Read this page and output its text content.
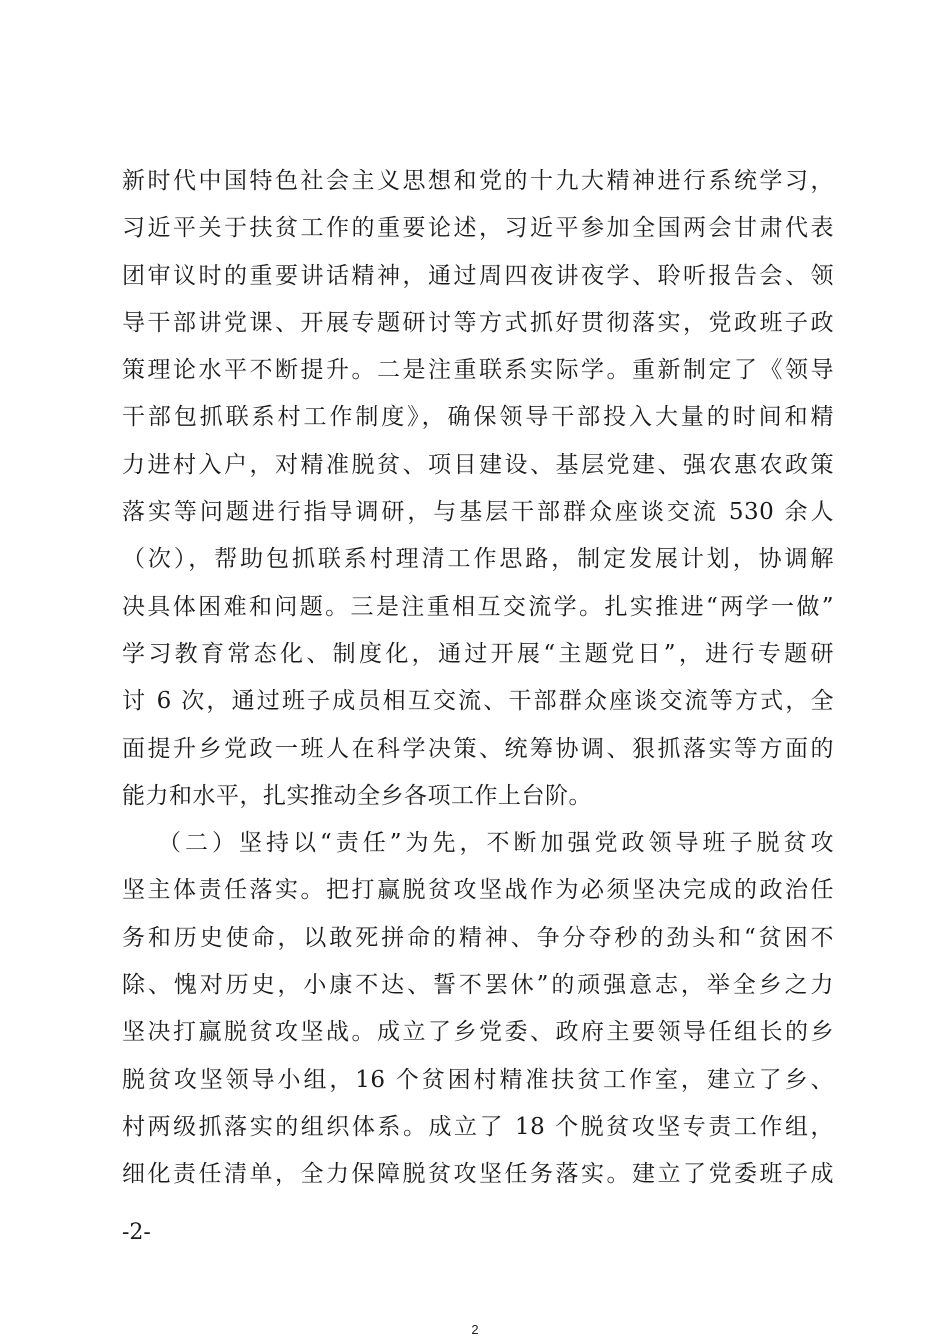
新时代中国特色社会主义思想和党的十九大精神进行系统学习，
习近平关于扶贫工作的重要论述，习近平参加全国两会甘肃代表
团审议时的重要讲话精神，通过周四夜讲夜学、聆听报告会、领
导干部讲党课、开展专题研讨等方式抓好贯彻落实，党政班子政
策理论水平不断提升。二是注重联系实际学。重新制定了《领导
干部包抓联系村工作制度》，确保领导干部投入大量的时间和精
力进村入户，对精准脱贫、项目建设、基层党建、强农惠农政策
落实等问题进行指导调研，与基层干部群众座谈交流 530 余人
（次），帮助包抓联系村理清工作思路，制定发展计划，协调解
决具体困难和问题。三是注重相互交流学。扎实推进“两学一做”
学习教育常态化、制度化，通过开展“主题党日”，进行专题研
讨 6 次，通过班子成员相互交流、干部群众座谈交流等方式，全
面提升乡党政一班人在科学决策、统筹协调、狠抓落实等方面的
能力和水平，扎实推动全乡各项工作上台阶。
（二）坚持以“责任”为先，不断加强党政领导班子脱贫攻
坚主体责任落实。把打赢脱贫攻坚战作为必须坚决完成的政治任
务和历史使命，以敢死拼命的精神、争分夺秒的劲头和“贫困不
除、愧对历史，小康不达、誓不罢休”的顽强意志，举全乡之力
坚决打赢脱贫攻坚战。成立了乡党委、政府主要领导任组长的乡
脱贫攻坚领导小组，16 个贫困村精准扶贫工作室，建立了乡、
村两级抓落实的组织体系。成立了 18 个脱贫攻坚专责工作组，
细化责任清单，全力保障脱贫攻坚任务落实。建立了党委班子成
-2-
2
